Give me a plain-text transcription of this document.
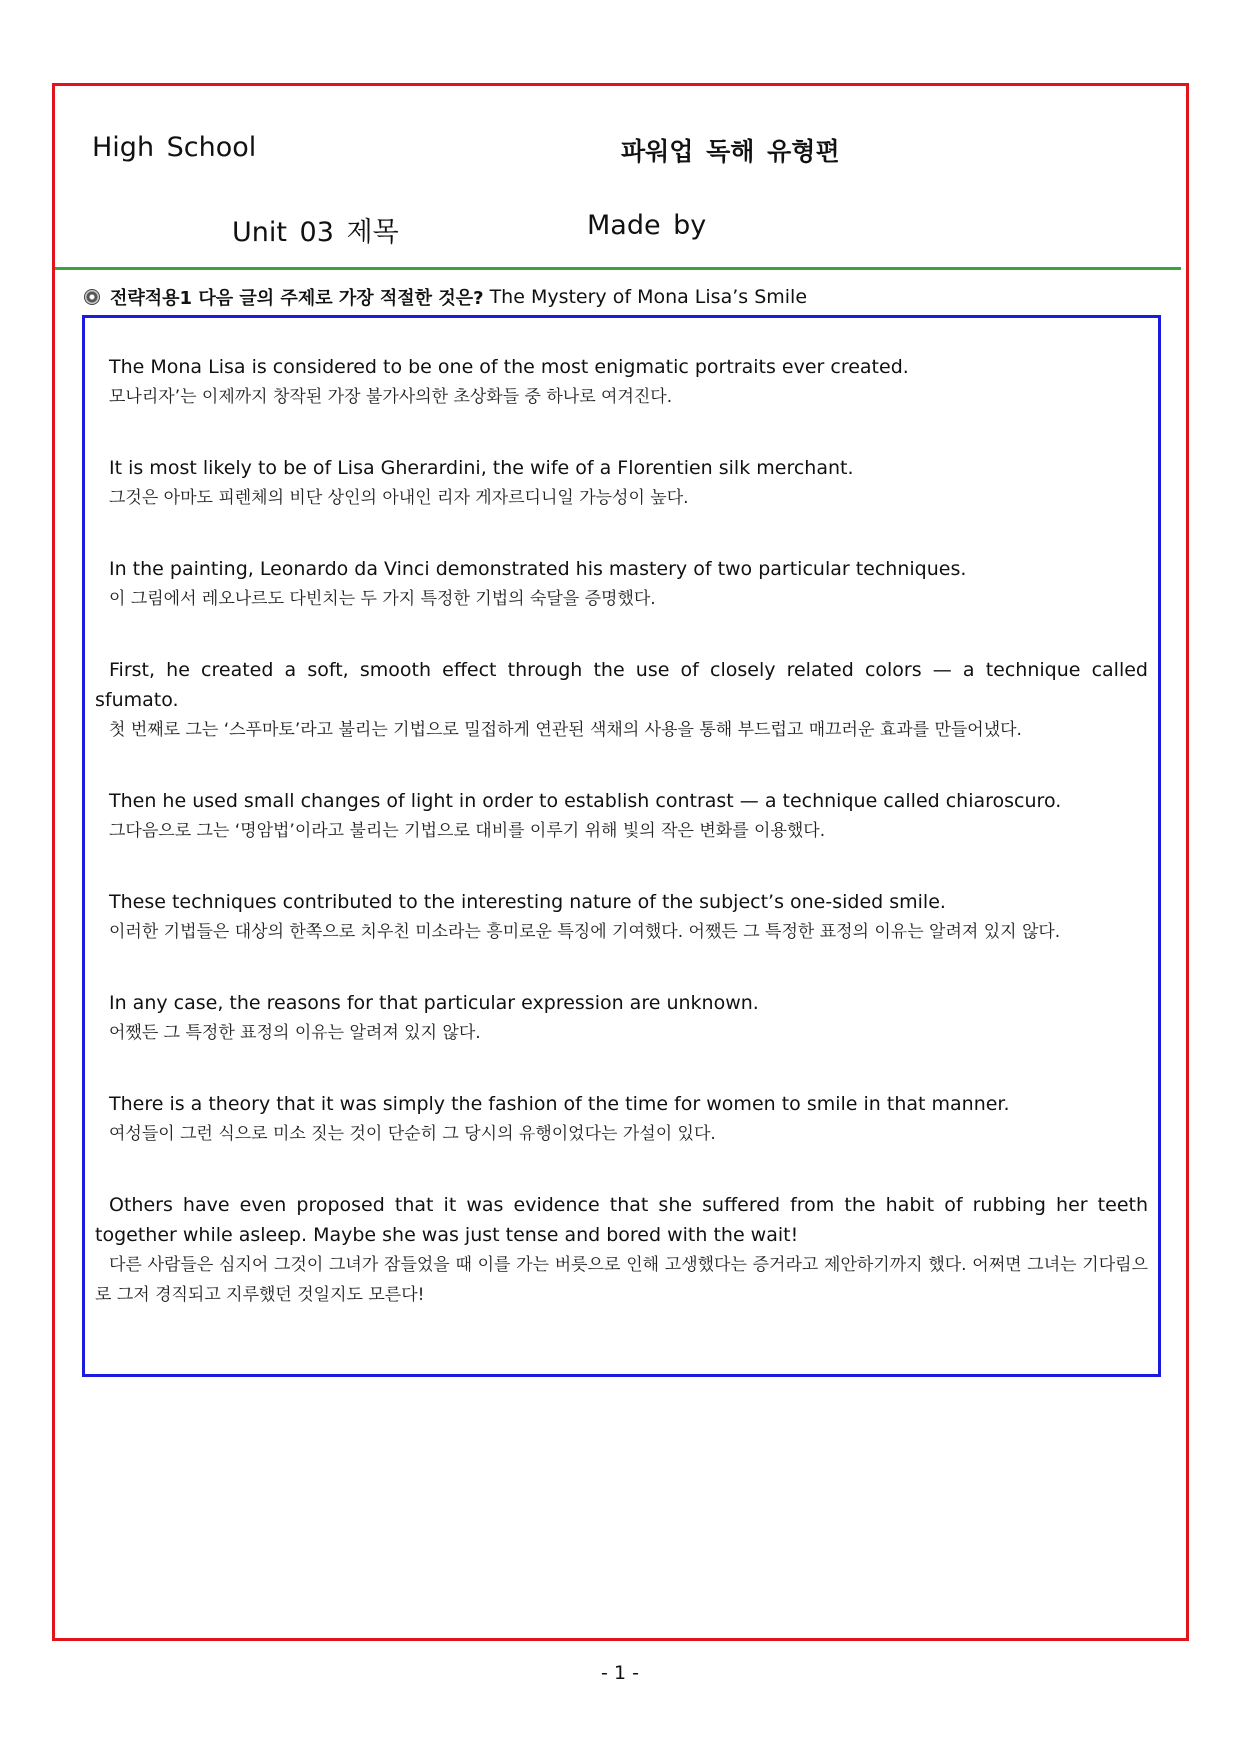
High School	파워업 독해 유형편
Unit 03 제목	Made by
전략적용1 다음 글의 주제로 가장 적절한 것은? The Mystery of Mona Lisa’s Smile

The Mona Lisa is considered to be one of the most enigmatic portraits ever created.

모나리자’는 이제까지 창작된 가장 불가사의한 초상화들 중 하나로 여겨진다.

It is most likely to be of Lisa Gherardini, the wife of a Florentien silk merchant.

그것은 아마도 피렌체의 비단 상인의 아내인 리자 게자르디니일 가능성이 높다.

In the painting, Leonardo da Vinci demonstrated his mastery of two particular techniques.

이 그림에서 레오나르도 다빈치는 두 가지 특정한 기법의 숙달을 증명했다.

First, he created a soft, smooth effect through the use of closely related colors — a technique called sfumato.

첫 번째로 그는 ‘스푸마토’라고 불리는 기법으로 밀접하게 연관된 색채의 사용을 통해 부드럽고 매끄러운 효과를 만들어냈다.

Then he used small changes of light in order to establish contrast — a technique called chiaroscuro.

그다음으로 그는 ‘명암법’이라고 불리는 기법으로 대비를 이루기 위해 빛의 작은 변화를 이용했다.

These techniques contributed to the interesting nature of the subject’s one-sided smile.

이러한 기법들은 대상의 한쪽으로 치우친 미소라는 흥미로운 특징에 기여했다. 어쨌든 그 특정한 표정의 이유는 알려져 있지 않다.

In any case, the reasons for that particular expression are unknown.

어쨌든 그 특정한 표정의 이유는 알려져 있지 않다.

There is a theory that it was simply the fashion of the time for women to smile in that manner.

여성들이 그런 식으로 미소 짓는 것이 단순히 그 당시의 유행이었다는 가설이 있다.

Others have even proposed that it was evidence that she suffered from the habit of rubbing her teeth together while asleep. Maybe she was just tense and bored with the wait!

다른 사람들은 심지어 그것이 그녀가 잠들었을 때 이를 가는 버릇으로 인해 고생했다는 증거라고 제안하기까지 했다. 어쩌면 그녀는 기다림으로 그저 경직되고 지루했던 것일지도 모른다!

- 1 -
